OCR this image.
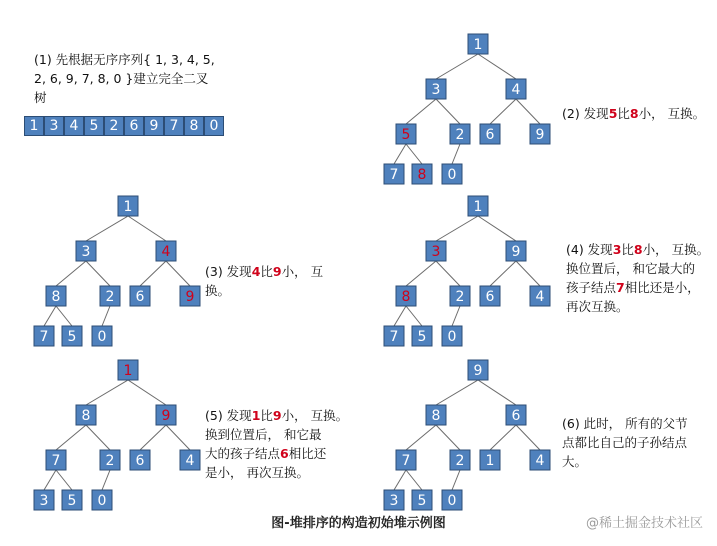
(1) 先根据无序序列{ 1, 3, 4, 5,
2, 6, 9, 7, 8, 0 }建立完全二叉
树
1 3 4 5 2 6 9 7 8 0
1
3	4
5	2 6	9
7 8 0
1
3	4
8	2 6	9
7 5 0
1
3	9
8	2 6	4
7 5 0
1
8	9
7	2 6	4
3 5 0
9
8	6
7	2 1	4
3 5 0
(2) 发现5比8小， 互换。
(3) 发现4比9小， 互
换。
(4) 发现3比8小， 互换。
换位置后， 和它最大的
孩子结点7相比还是小，
再次互换。
(5) 发现1比9小， 互换。
换到位置后， 和它最
大的孩子结点6相比还
是小， 再次互换。
(6) 此时， 所有的父节
点都比自己的子孙结点
大。
图-堆排序的构造初始堆示例图	@稀土掘金技术社区
